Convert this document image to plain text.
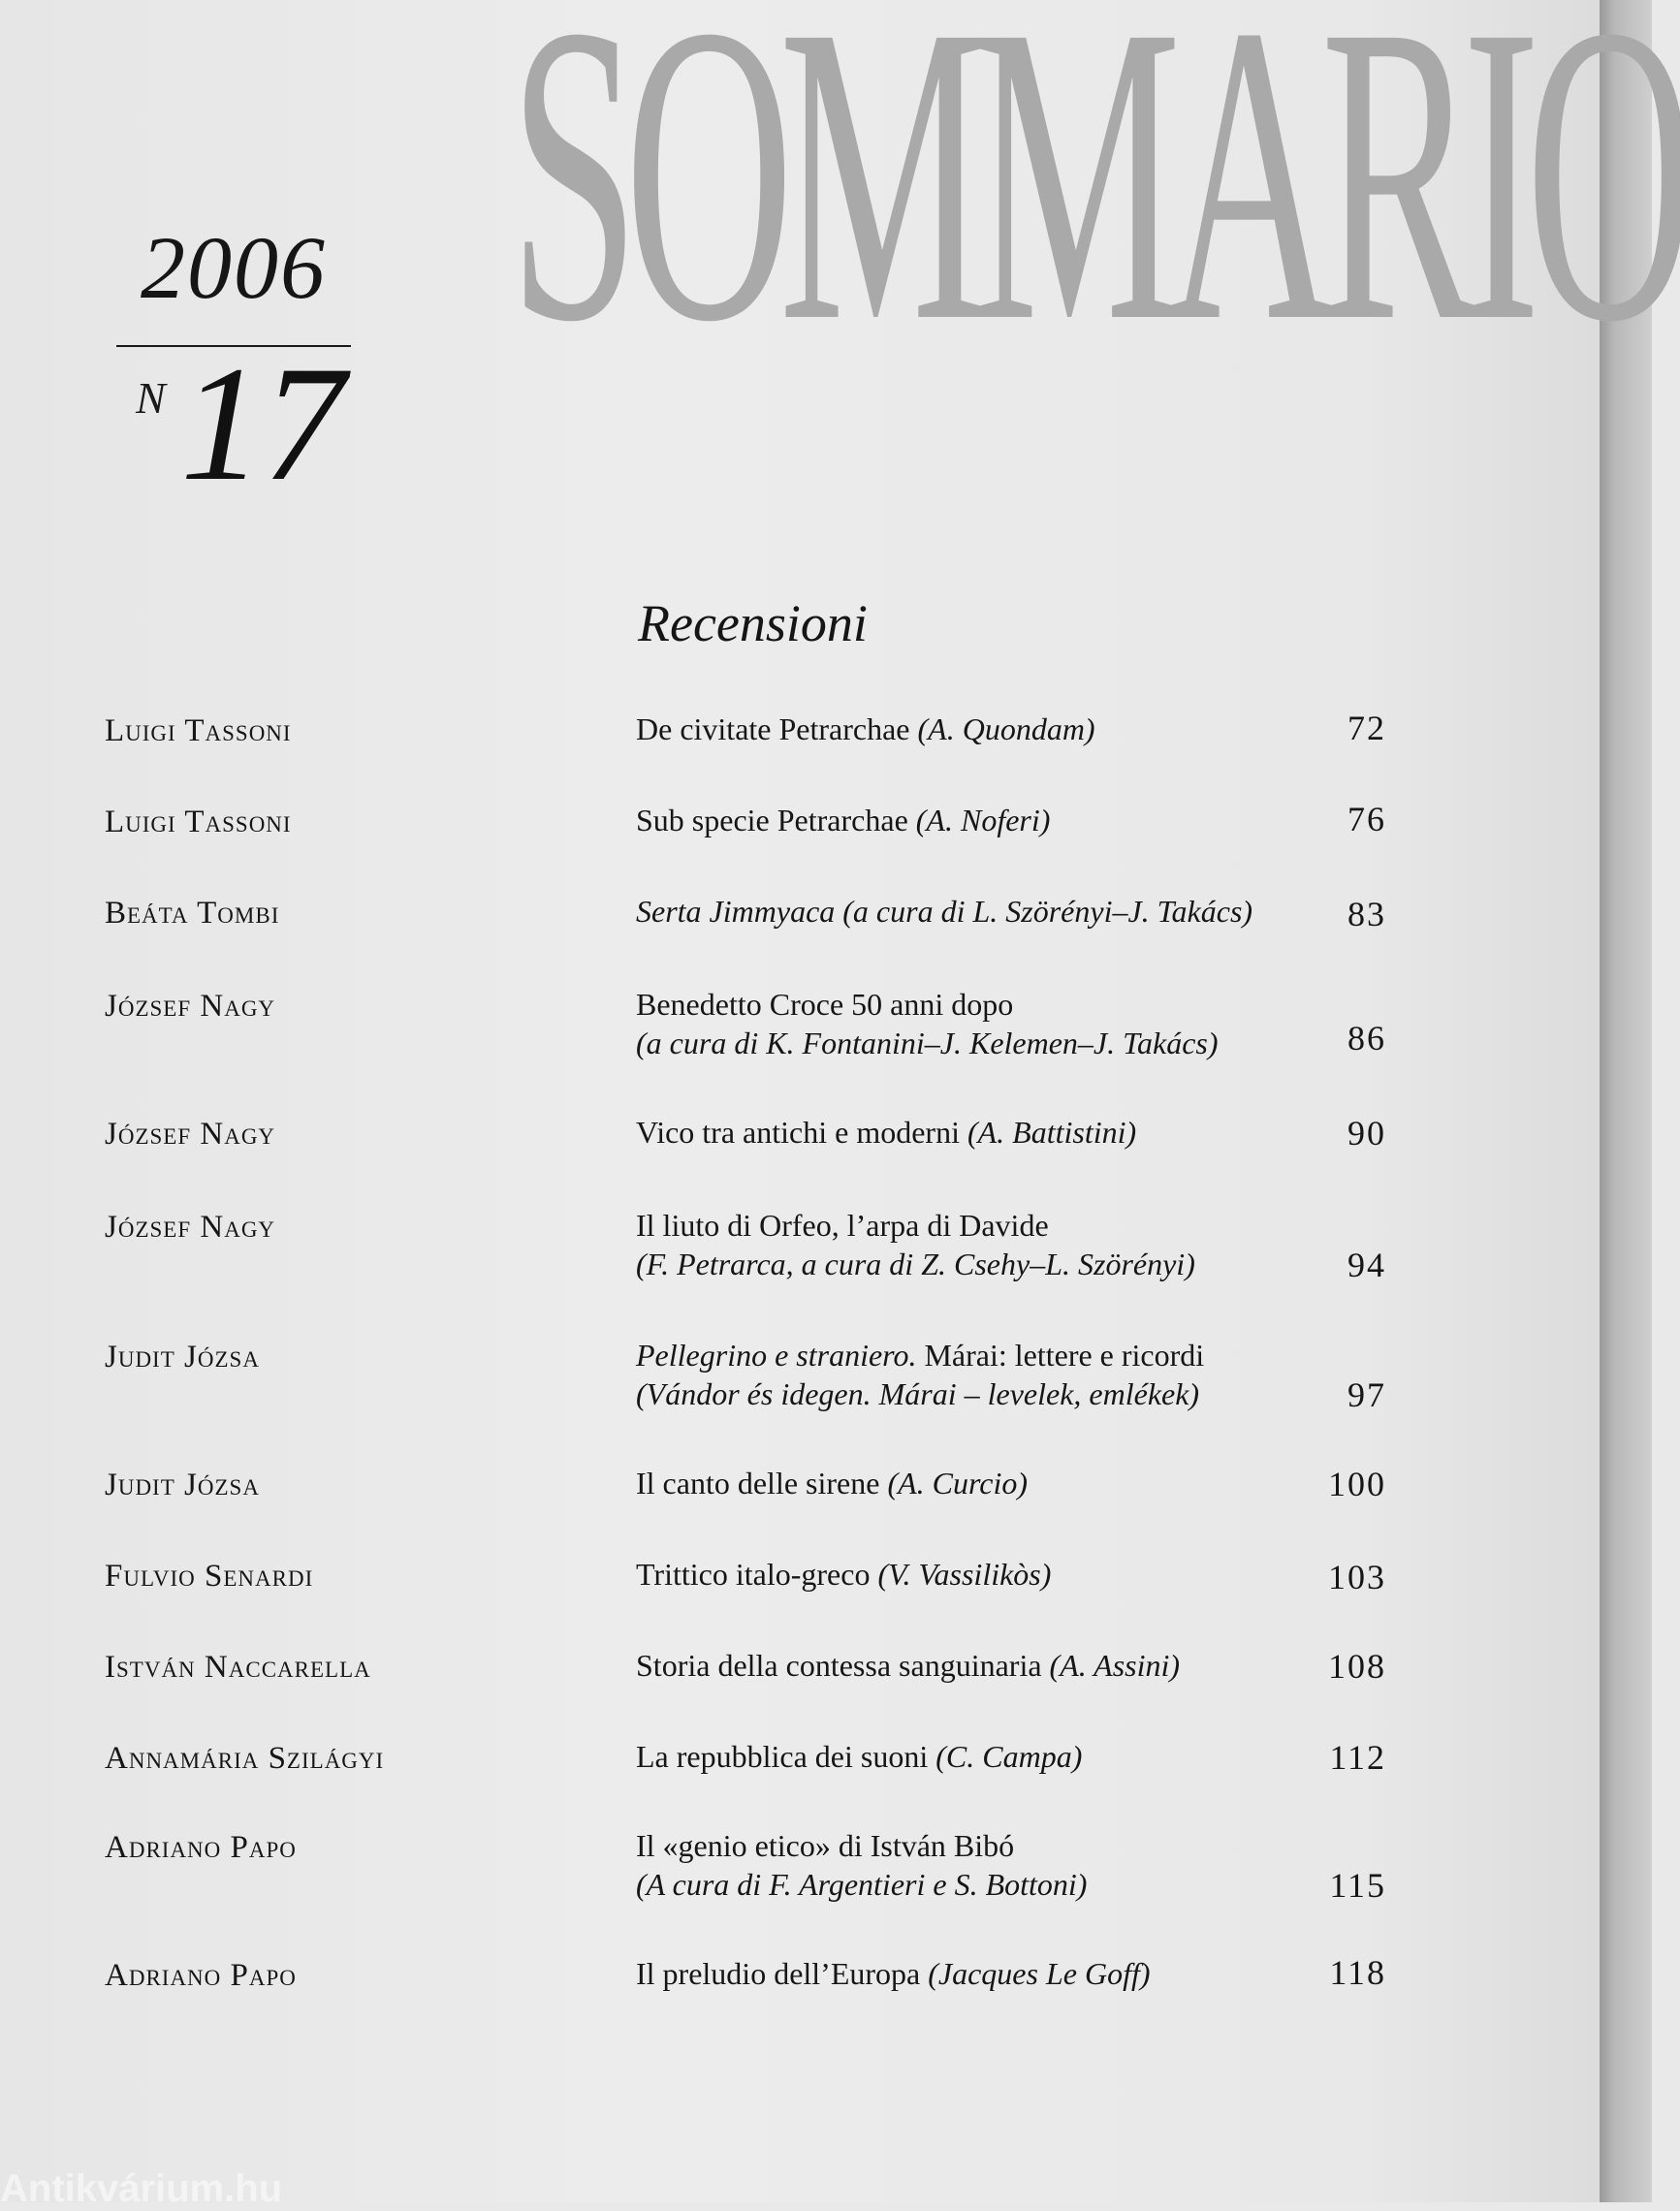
SOMMARIO
2006
N 17
Recensioni
Luigi Tassoni	De civitate Petrarchae (A. Quondam)	72
Luigi Tassoni	Sub specie Petrarchae (A. Noferi)	76
Beáta Tombi	Serta Jimmyaca (a cura di L. Szörényi–J. Takács)	83
József Nagy	Benedetto Croce 50 anni dopo
(a cura di K. Fontanini–J. Kelemen–J. Takács)	86
József Nagy	Vico tra antichi e moderni (A. Battistini)	90
József Nagy	Il liuto di Orfeo, l’arpa di Davide
(F. Petrarca, a cura di Z. Csehy–L. Szörényi)	94
Judit Józsa	Pellegrino e straniero. Márai: lettere e ricordi
(Vándor és idegen. Márai – levelek, emlékek)	97
Judit Józsa	Il canto delle sirene (A. Curcio)	100
Fulvio Senardi	Trittico italo-greco (V. Vassilikòs)	103
István Naccarella	Storia della contessa sanguinaria (A. Assini)	108
Annamária Szilágyi	La repubblica dei suoni (C. Campa)	112
Adriano Papo	Il «genio etico» di István Bibó
(A cura di F. Argentieri e S. Bottoni)	115
Adriano Papo	Il preludio dell’Europa (Jacques Le Goff)	118
Antikvárium.hu
